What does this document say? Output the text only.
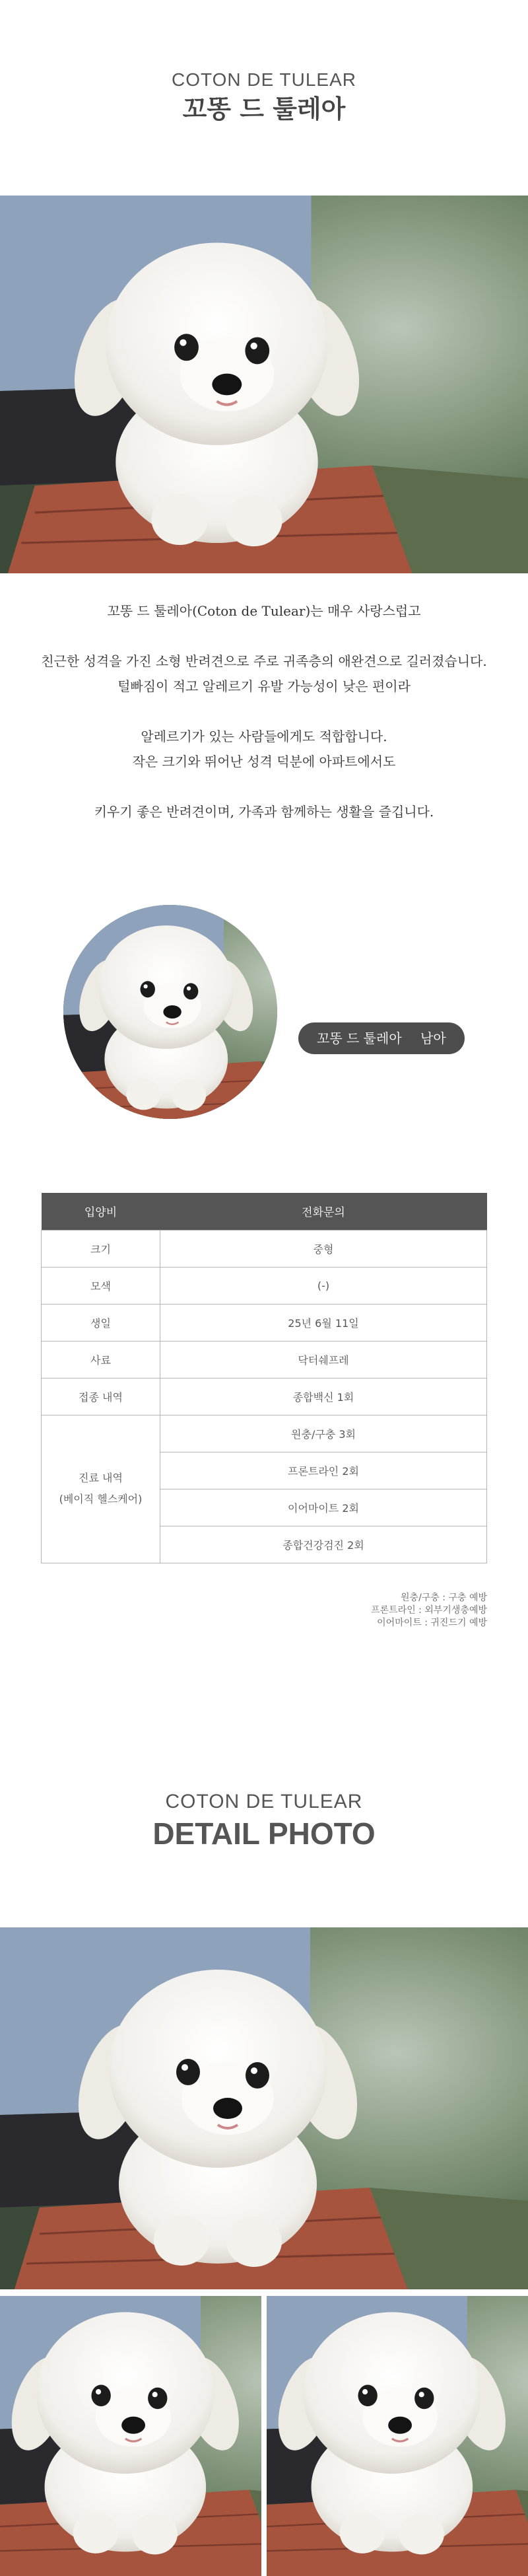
COTON DE TULEAR
꼬똥 드 툴레아

꼬똥 드 툴레아(Coton de Tulear)는 매우 사랑스럽고

친근한 성격을 가진 소형 반려견으로 주로 귀족층의 애완견으로 길러졌습니다.

털빠짐이 적고 알레르기 유발 가능성이 낮은 편이라

알레르기가 있는 사람들에게도 적합합니다.

작은 크기와 뛰어난 성격 덕분에 아파트에서도

키우기 좋은 반려견이며, 가족과 함께하는 생활을 즐깁니다.

꼬똥 드 툴레아 남아
입양비	전화문의
크기	중형
모색	(-)
생일	25년 6월 11일
사료	닥터쉐프레
접종 내역	종합백신 1회

진료 내역
(베이직 헬스케어)	원충/구충 3회
	프론트라인 2회
	이어마이트 2회
	종합건강검진 2회
원충/구충 : 구충 예방
프론트라인 : 외부기생충예방
이어마이트 : 귀진드기 예방
COTON DE TULEAR
DETAIL PHOTO
